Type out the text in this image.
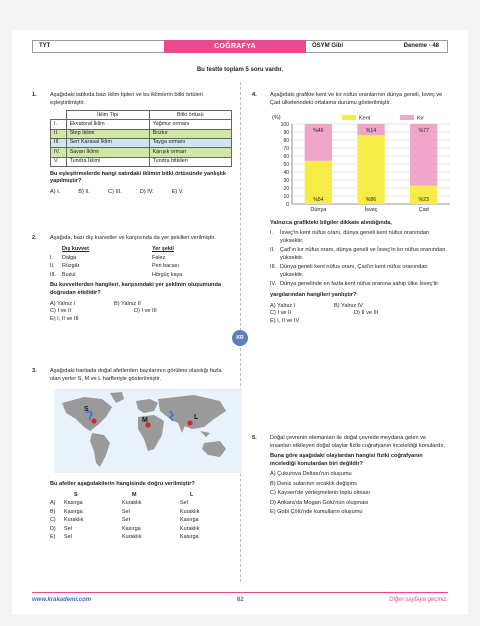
TYT	COĞRAFYA	ÖSYM Gibi	Deneme - 48
Bu testte toplam 5 soru vardır.
KR
1. Aşağıdaki tabloda bazı iklim tipleri ve bu iklimlerin bitki örtüleri eşleştirilmiştir.
	İklim Tipi	Bitki örtüsü
I.	Ekvatoral İklim	Yağmur ormanı
II.	Step İklimi	Bozkır
III.	Sert Karasal İklim	Tayga ormanı
IV.	Savan İklimi	Karışık orman
V.	Tundra İklimi	Tundra bitkileri
Bu eşleştirmelerde hangi satırdaki iklimin bitki örtüsünde yanlışlık yapılmıştır?
A) I.	B) II.	C) III.	D) IV.	E) V.
2. Aşağıda, bazı dış kuvvetler ve karşısında da yer şekilleri verilmiştir.
	Dış kuvvet	Yer şekil
I.	Dalga	Falez
II.	Rüzgâr	Peri bacası
III.	Buzul	Hörgüç kaya
Bu kuvvetlerden hangileri, karşısındaki yer şeklinin oluşumunda doğrudan etkilidir?
A) Yalnız I	B) Yalnız II
C) I ve II	D) I ve III
E) I, II ve III
3. Aşağıdaki haritada doğal afetlerden bazılarının görülme olasılığı fazla olan yerler S, M ve L harfleriyle gösterilmiştir.
S
M	L
Bu afetler aşağıdakilerin hangisinde doğru verilmiştir?
	S	M	L
A)	Kasırga	Kuraklık	Sel
B)	Kasırga	Sel	Kuraklık
C)	Kuraklık	Sel	Kasırga
D)	Sel	Kasırga	Kuraklık
E)	Sel	Kuraklık	Kasırga
4. Aşağıdaki grafikte kent ve kır nüfus oranlarının dünya geneli, İsveç ve Çad ülkelerindeki ortalama durumu gösterilmiştir.
(%)
0
10
20
30
40
50
60
70
80
90
100
Kent	Kır
%54
%46
Dünya
%86
%14
İsveç
%23
%77
Çad
Yalnızca grafikteki bilgiler dikkate alındığında,
I.	İsveç'in kent nüfus oranı, dünya geneli kent nüfus oranından yüksektir.
II. Çad'ın kır nüfus oranı, dünya geneli ve İsveç'in kır nüfus oranından yüksektir.
III. Dünya geneli kent nüfus oranı, Çad'ın kent nüfus oranından yüksektir.
IV. Dünya genelinde en fazla kent nüfus oranına sahip ülke İsveç'tir.
yargılarından hangileri yanlıştır?
A) Yalnız I	B) Yalnız IV
C) I ve II	D) II ve III
E) I, II ve IV
5. Doğal çevrenin elemanları ile doğal çevrede meydana gelen ve insanları etkileyen doğal olaylar fiziki coğrafyanın inceleldiği konulardır.
Buna göre aşağıdaki olaylardan hangisi fiziki coğrafyanın incelediği konulardan biri değildir?
A) Çukurova Deltası'nın oluşumu
B) Deniz sularının sıcaklık değişimi
C) Kayseri'de yerleşmelerin toplu olması
D) Ankara'da Mogan Gölü'nün oluşması
E) Gobi Çölü'nde kumulların oluşumu
www.krakademi.com	82	Diğer sayfaya geçiniz.
